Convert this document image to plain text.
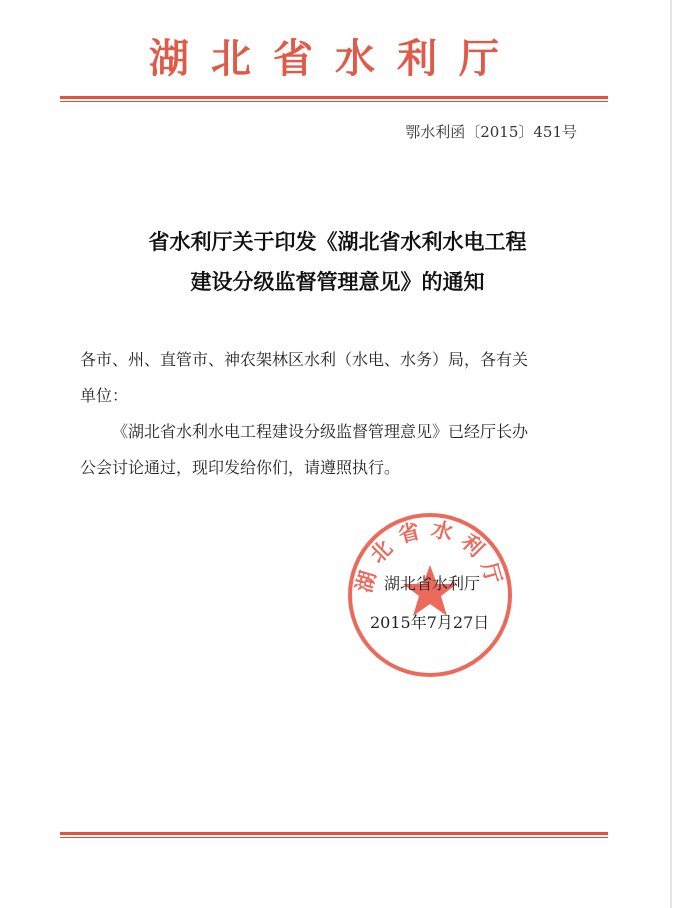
湖北省水利厅
鄂水利函〔2015〕451号
省水利厅关于印发《湖北省水利水电工程
建设分级监督管理意见》的通知
各市、州、直管市、神农架林区水利（水电、水务）局，各有关
单位：
《湖北省水利水电工程建设分级监督管理意见》已经厅长办
公会讨论通过，现印发给你们，请遵照执行。
湖北省水利厅
湖北省水利厅
2015年7月27日
